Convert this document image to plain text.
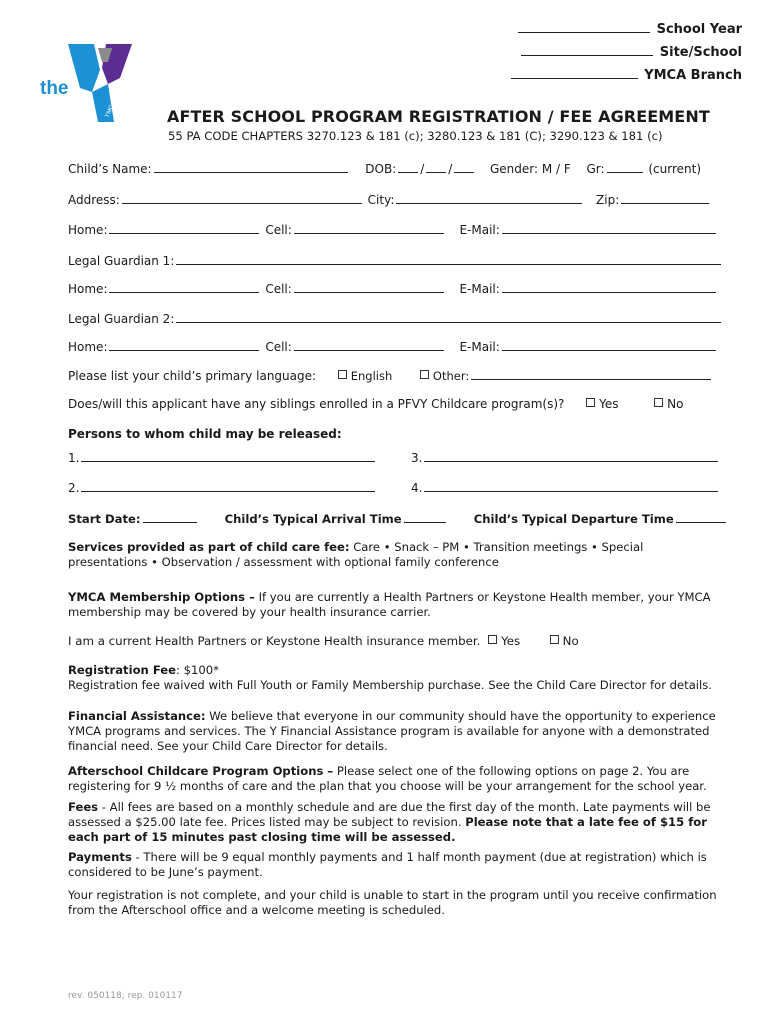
the
YMCA
School Year
Site/School
YMCA Branch
AFTER SCHOOL PROGRAM REGISTRATION / FEE AGREEMENT
55 PA CODE CHAPTERS 3270.123 & 181 (c); 3280.123 & 181 (C); 3290.123 & 181 (c)
Child’s Name:	DOB: / /	Gender: M / F Gr:	(current)
Address:	City:	Zip:
Home:	Cell:	E-Mail:
Legal Guardian 1:
Home:	Cell:	E-Mail:
Legal Guardian 2:
Home:	Cell:	E-Mail:
Please list your child’s primary language:	English	Other:
Does/will this applicant have any siblings enrolled in a PFVY Childcare program(s)?	Yes	No
Persons to whom child may be released:
1.	3.
2.	4.
Start Date:	Child’s Typical Arrival Time	Child’s Typical Departure Time
Services provided as part of child care fee: Care • Snack – PM • Transition meetings • Special presentations • Observation / assessment with optional family conference
YMCA Membership Options – If you are currently a Health Partners or Keystone Health member, your YMCA membership may be covered by your health insurance carrier.
I am a current Health Partners or Keystone Health insurance member. Yes	No
Registration Fee: $100*
Registration fee waived with Full Youth or Family Membership purchase. See the Child Care Director for details.
Financial Assistance: We believe that everyone in our community should have the opportunity to experience YMCA programs and services. The Y Financial Assistance program is available for anyone with a demonstrated financial need. See your Child Care Director for details.
Afterschool Childcare Program Options – Please select one of the following options on page 2. You are registering for 9 ½ months of care and the plan that you choose will be your arrangement for the school year.
Fees - All fees are based on a monthly schedule and are due the first day of the month. Late payments will be assessed a $25.00 late fee. Prices listed may be subject to revision. Please note that a late fee of $15 for each part of 15 minutes past closing time will be assessed.
Payments - There will be 9 equal monthly payments and 1 half month payment (due at registration) which is considered to be June’s payment.
Your registration is not complete, and your child is unable to start in the program until you receive confirmation from the Afterschool office and a welcome meeting is scheduled.
rev. 050118; rep. 010117
